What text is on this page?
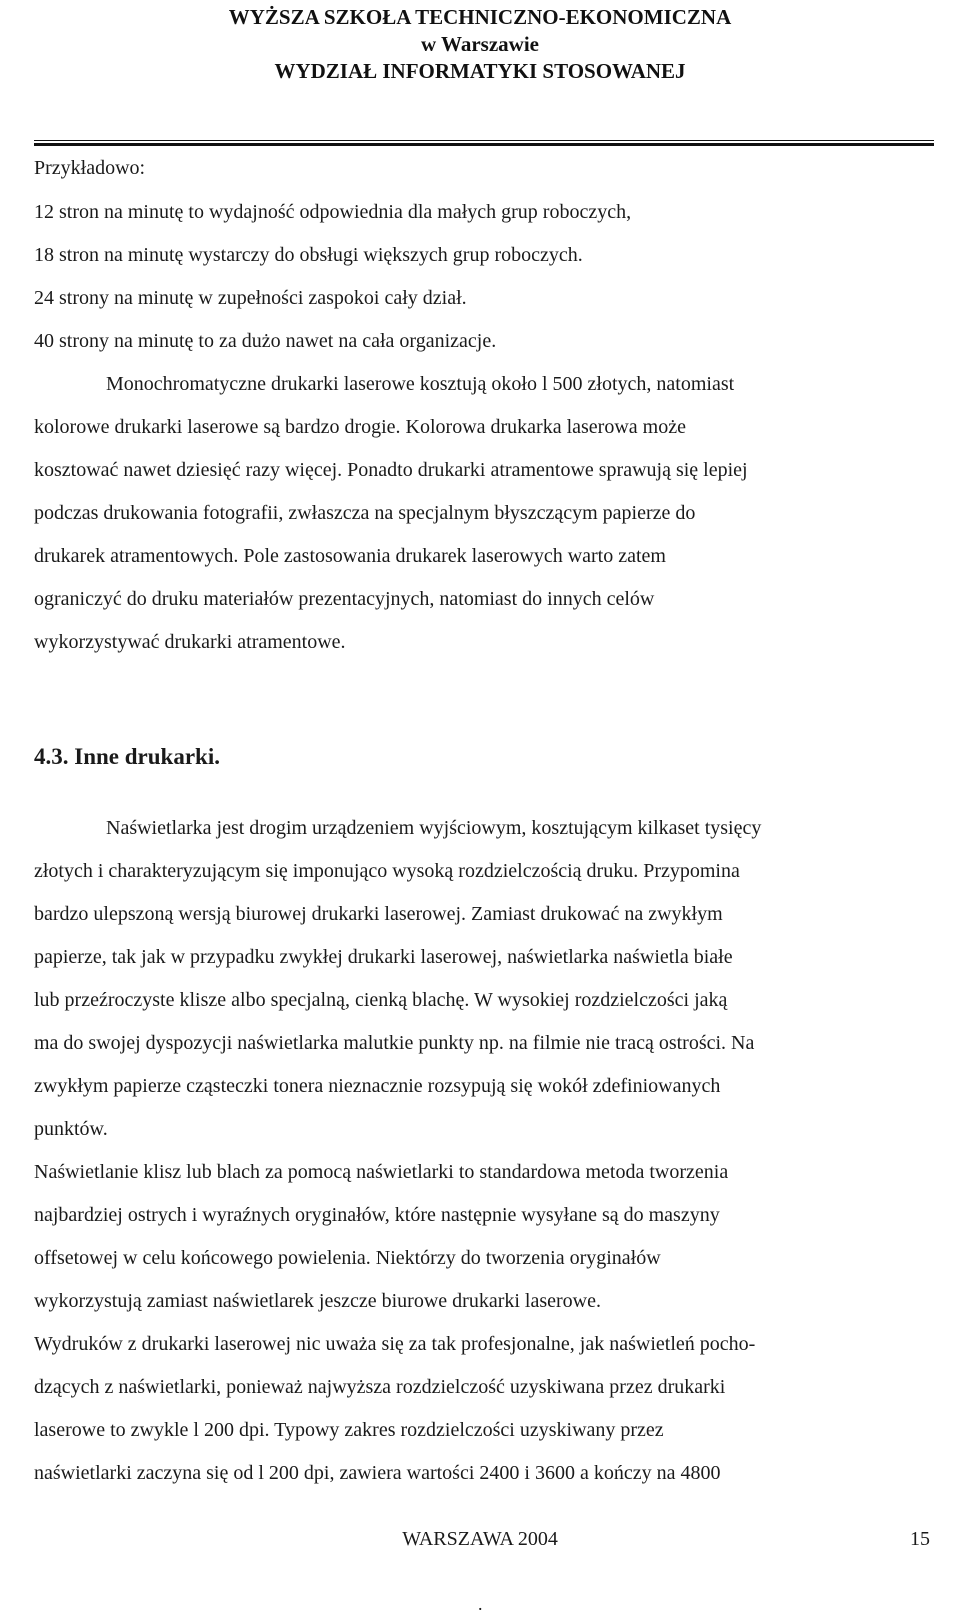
WYŻSZA SZKOŁA TECHNICZNO-EKONOMICZNA
w Warszawie
WYDZIAŁ INFORMATYKI STOSOWANEJ
Przykładowo:
12 stron na minutę to wydajność odpowiednia dla małych grup roboczych,
18 stron na minutę wystarczy do obsługi większych grup roboczych.
24 strony na minutę w zupełności zaspokoi cały dział.
40 strony na minutę to za dużo nawet na cała organizacje.
Monochromatyczne drukarki laserowe kosztują około l 500 złotych, natomiast
kolorowe drukarki laserowe są bardzo drogie. Kolorowa drukarka laserowa może
kosztować nawet dziesięć razy więcej. Ponadto drukarki atramentowe sprawują się lepiej
podczas drukowania fotografii, zwłaszcza na specjalnym błyszczącym papierze do
drukarek atramentowych. Pole zastosowania drukarek laserowych warto zatem
ograniczyć do druku materiałów prezentacyjnych, natomiast do innych celów
wykorzystywać drukarki atramentowe.
4.3. Inne drukarki.
Naświetlarka jest drogim urządzeniem wyjściowym, kosztującym kilkaset tysięcy
złotych i charakteryzującym się imponująco wysoką rozdzielczością druku. Przypomina
bardzo ulepszoną wersją biurowej drukarki laserowej. Zamiast drukować na zwykłym
papierze, tak jak w przypadku zwykłej drukarki laserowej, naświetlarka naświetla białe
lub przeźroczyste klisze albo specjalną, cienką blachę. W wysokiej rozdzielczości jaką
ma do swojej dyspozycji naświetlarka malutkie punkty np. na filmie nie tracą ostrości. Na
zwykłym papierze cząsteczki tonera nieznacznie rozsypują się wokół zdefiniowanych
punktów.
Naświetlanie klisz lub blach za pomocą naświetlarki to standardowa metoda tworzenia
najbardziej ostrych i wyraźnych oryginałów, które następnie wysyłane są do maszyny
offsetowej w celu końcowego powielenia. Niektórzy do tworzenia oryginałów
wykorzystują zamiast naświetlarek jeszcze biurowe drukarki laserowe.
Wydruków z drukarki laserowej nic uważa się za tak profesjonalne, jak naświetleń pocho-
dzących z naświetlarki, ponieważ najwyższa rozdzielczość uzyskiwana przez drukarki
laserowe to zwykle l 200 dpi. Typowy zakres rozdzielczości uzyskiwany przez
naświetlarki zaczyna się od l 200 dpi, zawiera wartości 2400 i 3600 a kończy na 4800
WARSZAWA 2004	15
.
